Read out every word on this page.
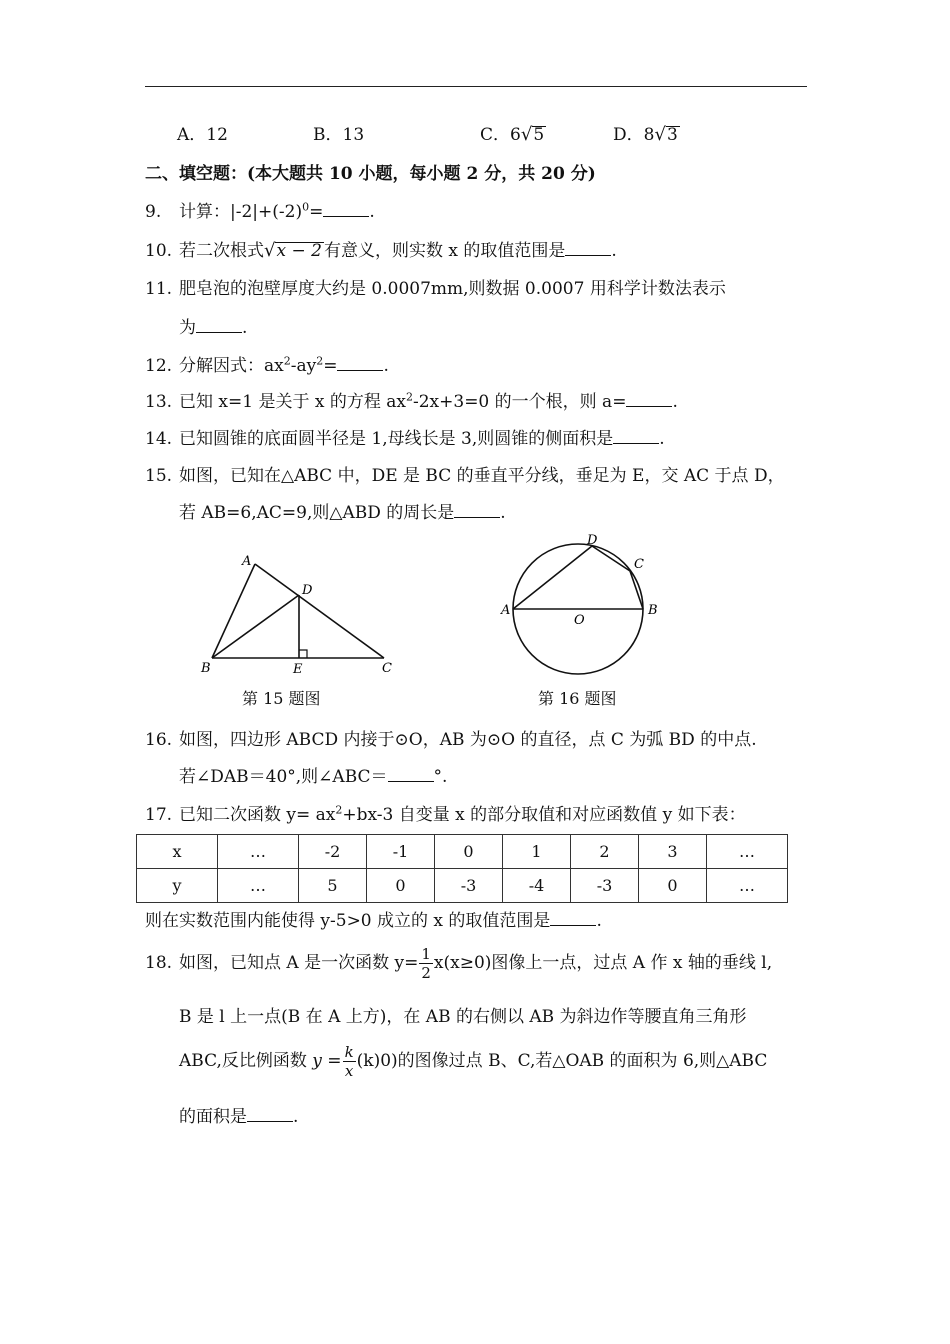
A．12	B．13	C．6√5	D．8√3
二、填空题：(本大题共 10 小题，每小题 2 分，共 20 分)
9. 计算：$|-2|+(-2)^0=$	.
10. 若二次根式√x − 2 有意义，则实数 x 的取值范围是	.
11. 肥皂泡的泡壁厚度大约是 0.0007mm,则数据 0.0007 用科学计数法表示
为	.
12. 分解因式：$ax^2-ay^2=$	.
13. 已知 x=1 是关于 x 的方程 $ax^2-2x+3=0$ 的一个根，则 a=	.
14. 已知圆锥的底面圆半径是 1,母线长是 3,则圆锥的侧面积是	.
15. 如图，已知在△ABC 中，DE 是 BC 的垂直平分线，垂足为 E，交 AC 于点 D，
若 AB=6,AC=9,则△ABD 的周长是	.
A
D
B	E	C
第 15 题图
D
C
A	B
O
第 16 题图
16. 如图，四边形 ABCD 内接于⊙O，AB 为⊙O 的直径，点 C 为弧 BD 的中点.
若∠DAB＝40°,则∠ABC＝	°.
17. 已知二次函数 $y= ax^2+bx-3$ 自变量 x 的部分取值和对应函数值 y 如下表：
x	…	-2	-1	0	1	2	3	…
y	…	5	0	-3	-4	-3	0	…
则在实数范围内能使得 y-5>0 成立的 x 的取值范围是	.
18. 如图，已知点 A 是一次函数 $y= \frac{1}{2} x(x\ge 0)$图像上一点，过点 A 作 x 轴的垂线 l,
B 是 l 上一点(B 在 A 上方)，在 AB 的右侧以 AB 为斜边作等腰直角三角形
ABC,反比例函数 $y = \frac{k}{x} (k)0$)的图像过点 B、C,若△OAB 的面积为 6,则△ABC
的面积是	.
